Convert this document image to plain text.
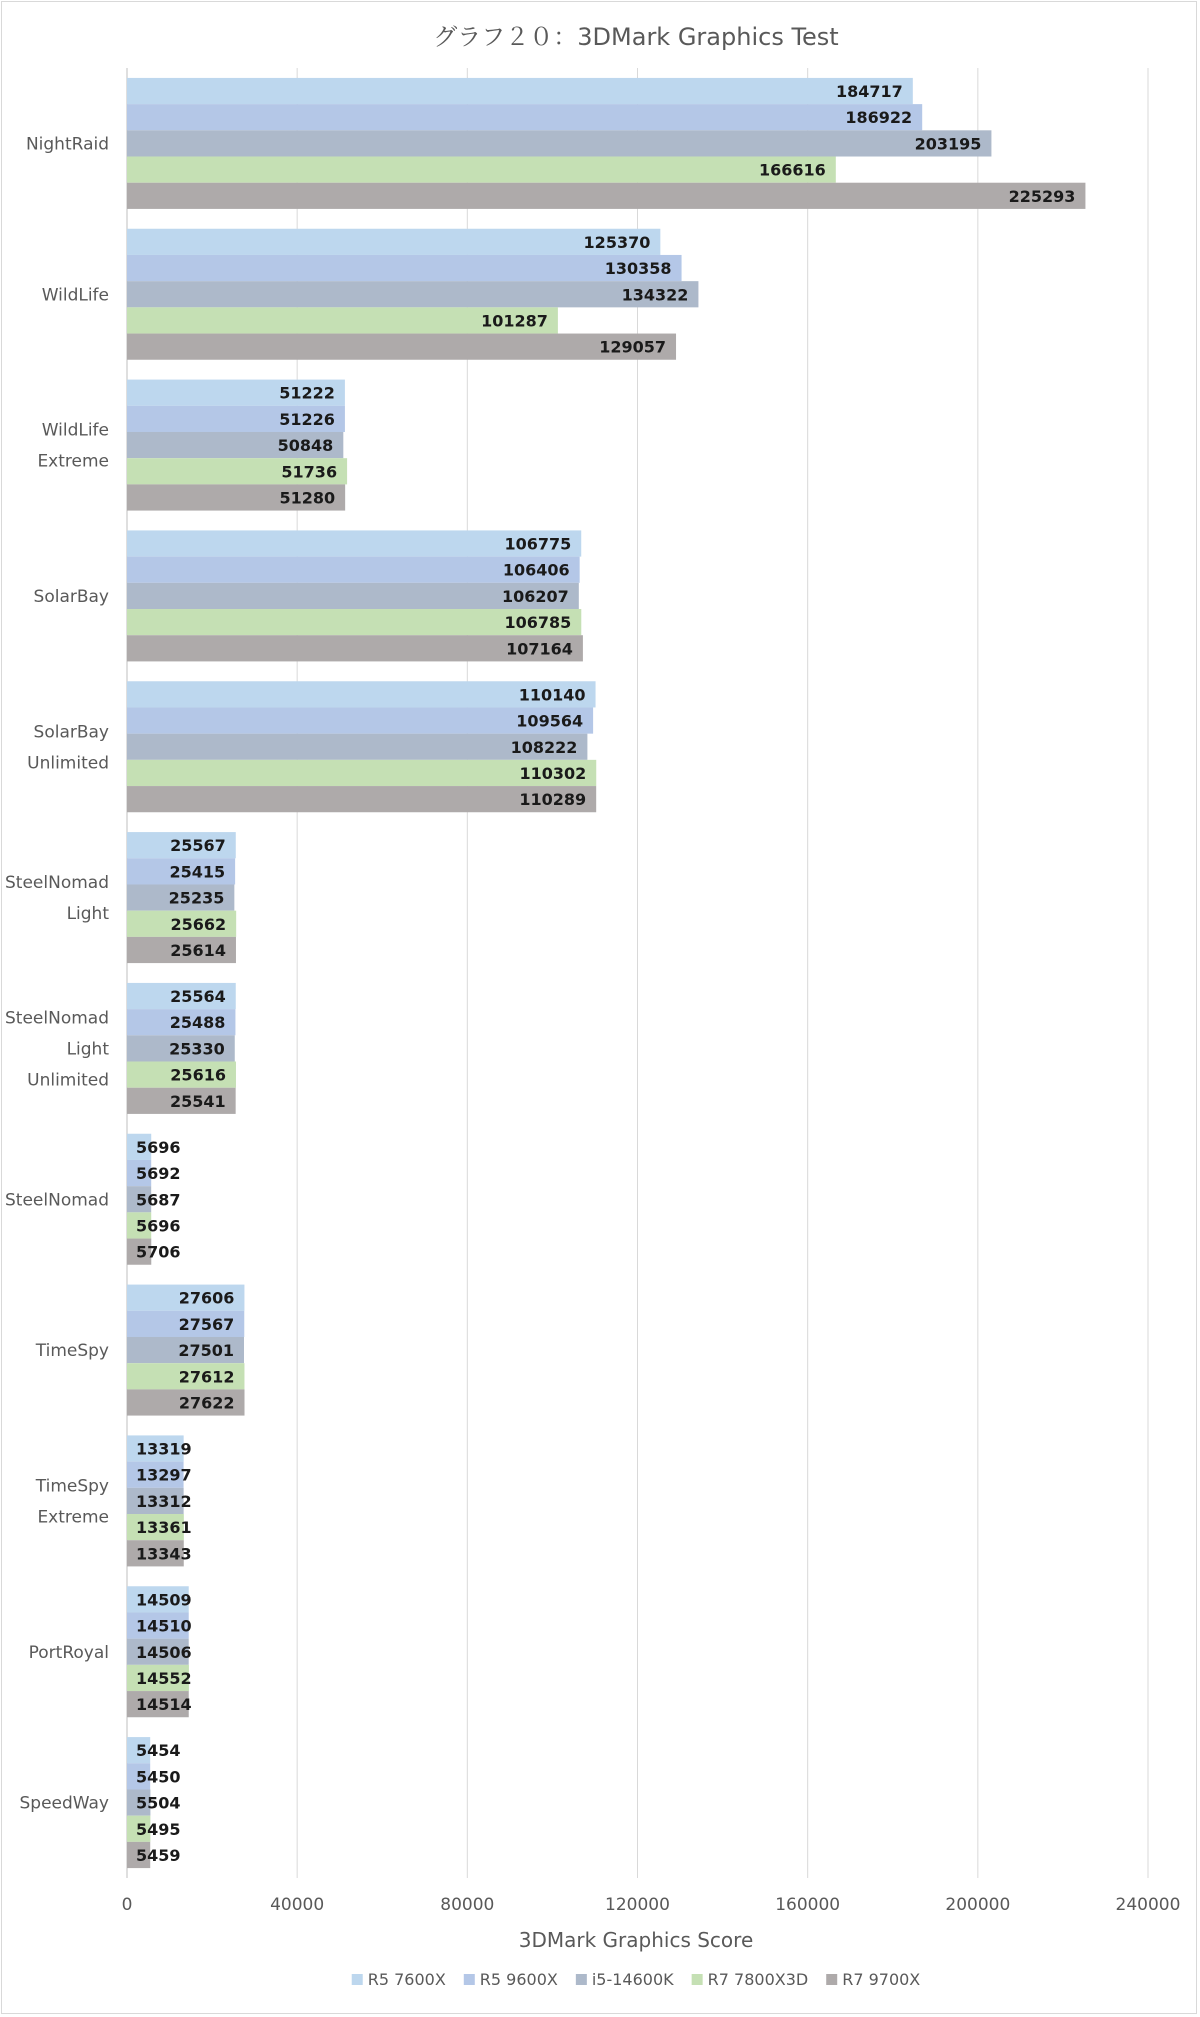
グラフ２０：3DMark Graphics Test
184717
186922
203195
166616
225293
125370
130358
134322
101287
129057
51222
51226
50848
51736
51280
106775
106406
106207
106785
107164
110140
109564
108222
110302
110289
25567
25415
25235
25662
25614
25564
25488
25330
25616
25541
5696
5692
5687
5696
5706
27606
27567
27501
27612
27622
13319
13297
13312
13361
13343
14509
14510
14506
14552
14514
5454
5450
5504
5495
5459
NightRaid
WildLife
WildLife
Extreme
SolarBay
SolarBay
Unlimited
SteelNomad
Light
SteelNomad
Light
Unlimited
SteelNomad
TimeSpy
TimeSpy
Extreme
PortRoyal
SpeedWay
0	40000	80000	120000	160000	200000	240000
3DMark Graphics Score
R5 7600X R5 9600X i5-14600K R7 7800X3D R7 9700X
